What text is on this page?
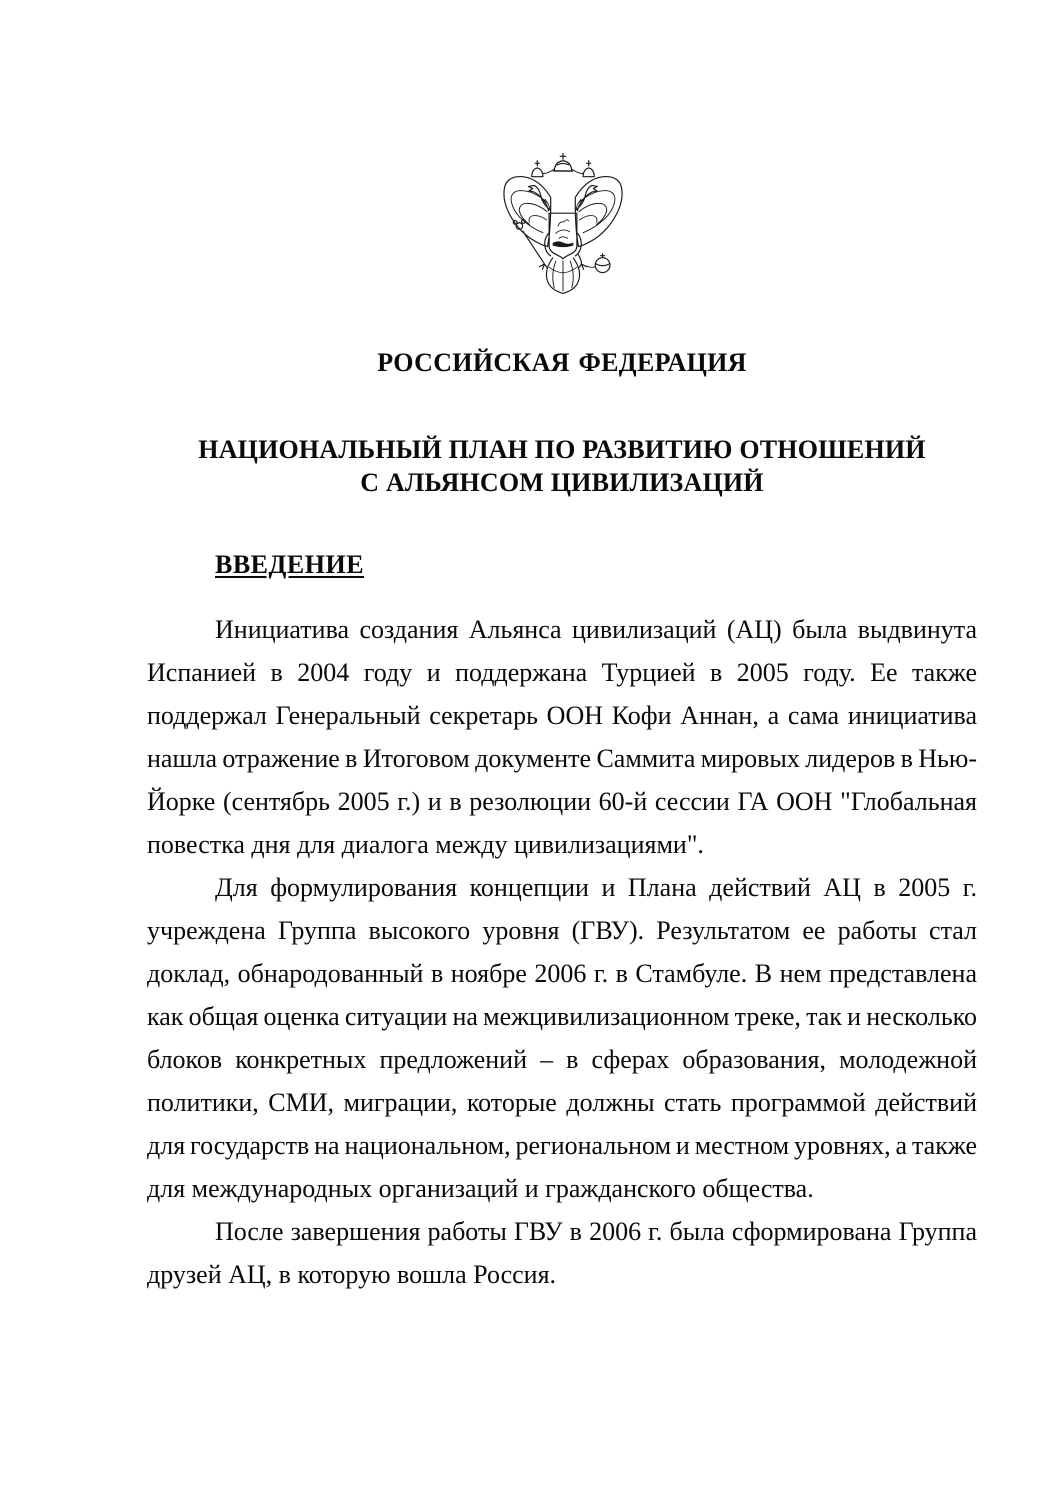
РОССИЙСКАЯ ФЕДЕРАЦИЯ
НАЦИОНАЛЬНЫЙ ПЛАН ПО РАЗВИТИЮ ОТНОШЕНИЙ
С АЛЬЯНСОМ ЦИВИЛИЗАЦИЙ
ВВЕДЕНИЕ
Инициатива создания Альянса цивилизаций (АЦ) была выдвинута
Испанией в 2004 году и поддержана Турцией в 2005 году. Ее также
поддержал Генеральный секретарь ООН Кофи Аннан, а сама инициатива
нашла отражение в Итоговом документе Саммита мировых лидеров в Нью-
Йорке (сентябрь 2005 г.) и в резолюции 60-й сессии ГА ООН "Глобальная
повестка дня для диалога между цивилизациями".
Для формулирования концепции и Плана действий АЦ в 2005 г.
учреждена Группа высокого уровня (ГВУ). Результатом ее работы стал
доклад, обнародованный в ноябре 2006 г. в Стамбуле. В нем представлена
как общая оценка ситуации на межцивилизационном треке, так и несколько
блоков конкретных предложений – в сферах образования, молодежной
политики, СМИ, миграции, которые должны стать программой действий
для государств на национальном, региональном и местном уровнях, а также
для международных организаций и гражданского общества.
После завершения работы ГВУ в 2006 г. была сформирована Группа
друзей АЦ, в которую вошла Россия.
